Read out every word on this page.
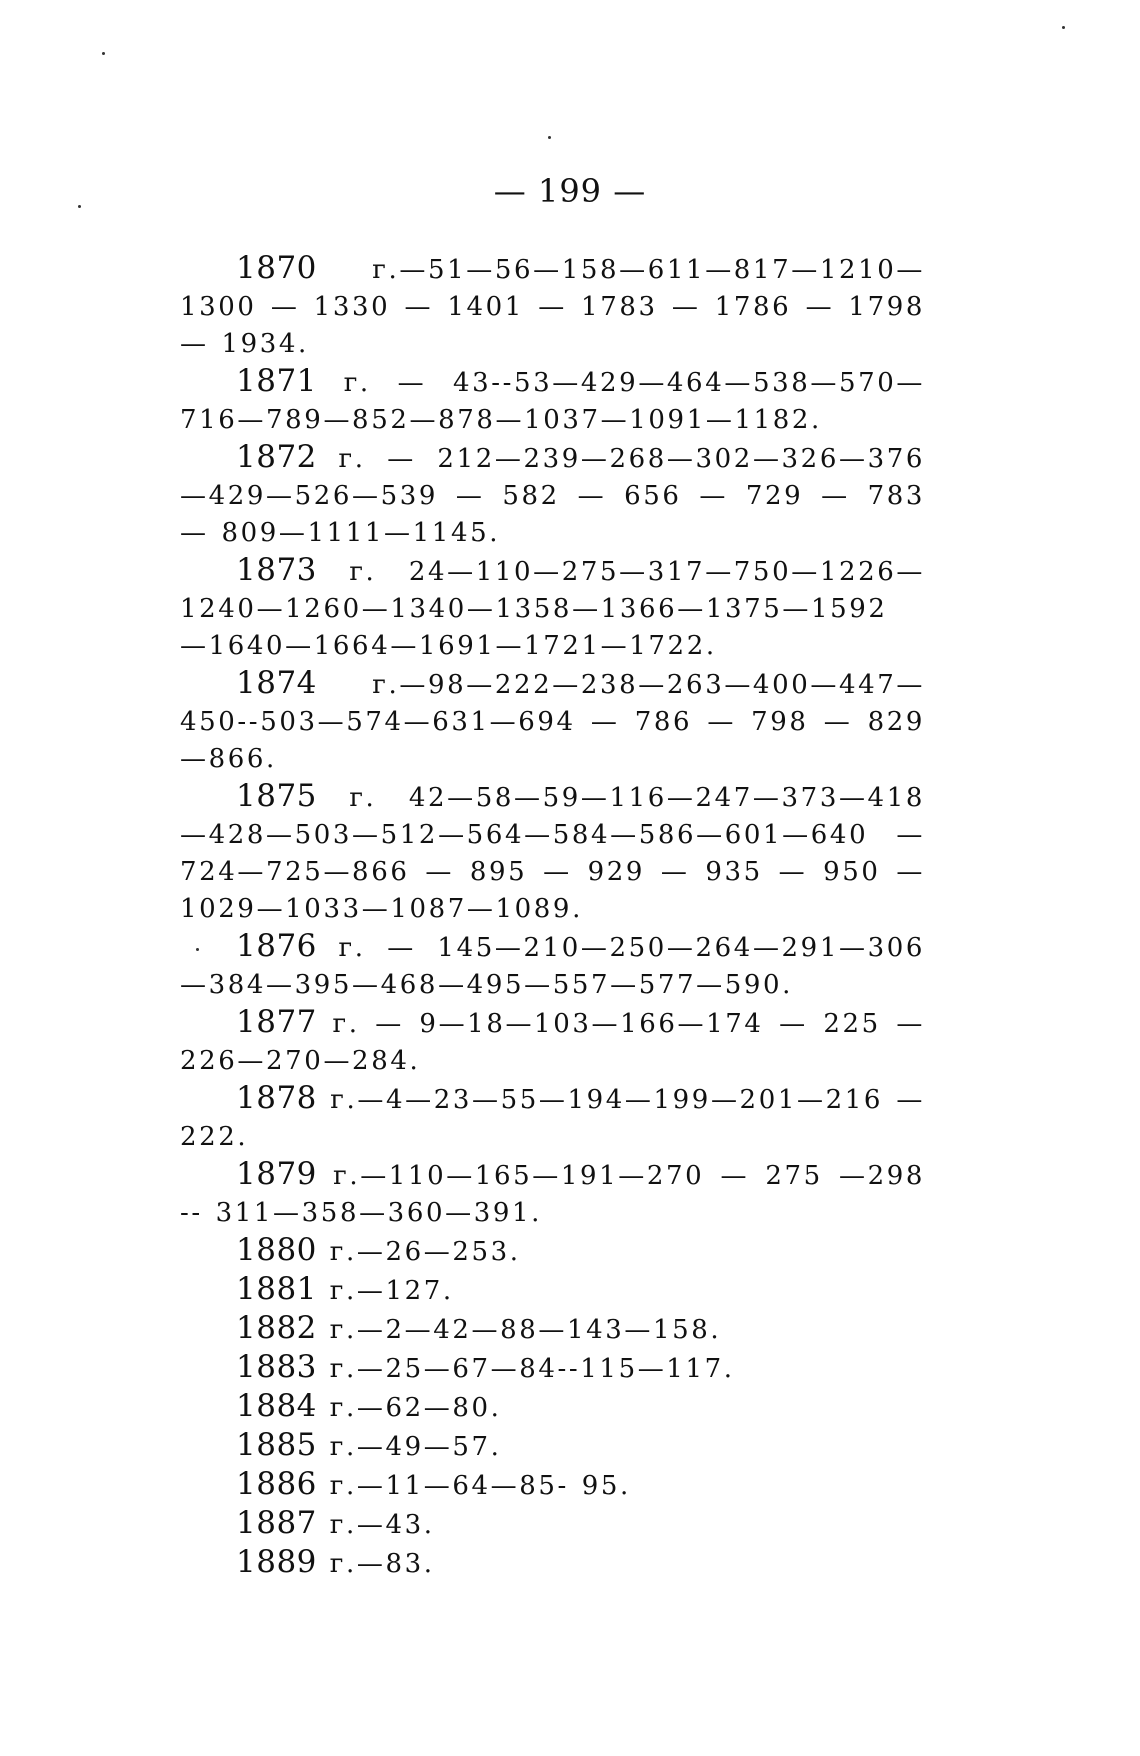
— 199 —

1870 г.—51—56—158—611—817—1210—1300 — 1330 — 1401 — 1783 — 1786 — 1798 — 1934.

1871 г. — 43--53—429—464—538—570—716—789—852—878—1037—1091—1182.

1872 г. — 212—239—268—302—326—376 —429—526—539 — 582 — 656 — 729 — 783 — 809—1111—1145.

1873 г. 24—110—275—317—750—1226—1240—1260—1340—1358—1366—1375—1592 —1640—1664—1691—1721—1722.

1874 г.—98—222—238—263—400—447—450--503—574—631—694 — 786 — 798 — 829 —866.

1875 г. 42—58—59—116—247—373—418 —428—503—512—564—584—586—601—640 —724—725—866 — 895 — 929 — 935 — 950 — 1029—1033—1087—1089.

1876 г. — 145—210—250—264—291—306 —384—395—468—495—557—577—590.

1877 г. — 9—18—103—166—174 — 225 — 226—270—284.

1878 г.—4—23—55—194—199—201—216 —222.

1879 г.—110—165—191—270 — 275 —298 -- 311—358—360—391.

1880 г.—26—253.

1881 г.—127.

1882 г.—2—42—88—143—158.

1883 г.—25—67—84--115—117.

1884 г.—62—80.

1885 г.—49—57.

1886 г.—11—64—85- 95.

1887 г.—43.

1889 г.—83.
